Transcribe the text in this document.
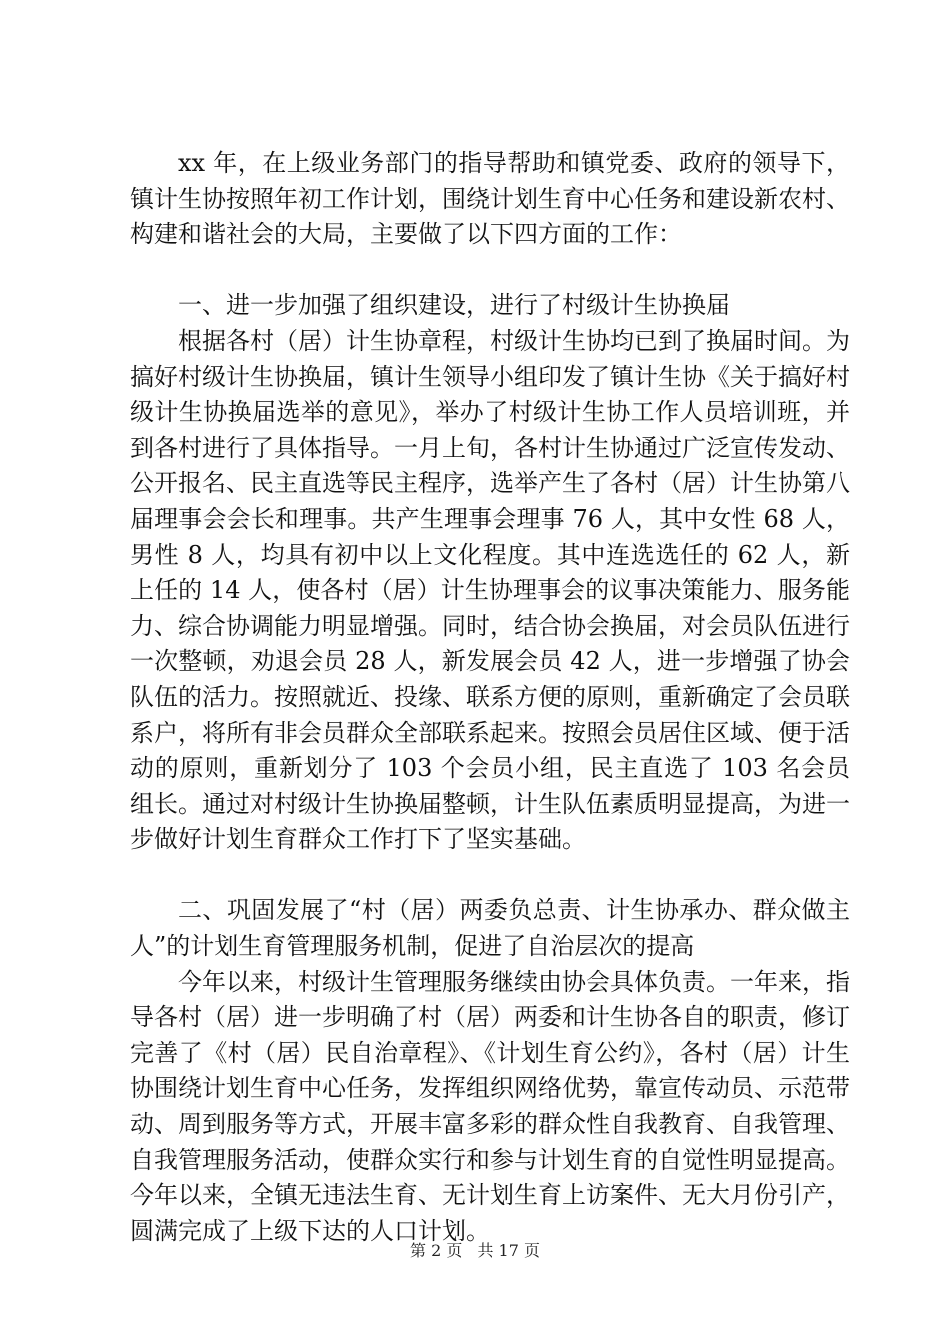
xx 年，在上级业务部门的指导帮助和镇党委、政府的领导下，镇计生协按照年初工作计划，围绕计划生育中心任务和建设新农村、构建和谐社会的大局，主要做了以下四方面的工作：

一、进一步加强了组织建设，进行了村级计生协换届

根据各村（居）计生协章程，村级计生协均已到了换届时间。为搞好村级计生协换届，镇计生领导小组印发了镇计生协《关于搞好村级计生协换届选举的意见》，举办了村级计生协工作人员培训班，并到各村进行了具体指导。一月上旬，各村计生协通过广泛宣传发动、公开报名、民主直选等民主程序，选举产生了各村（居）计生协第八届理事会会长和理事。共产生理事会理事 76 人，其中女性 68 人，男性 8 人，均具有初中以上文化程度。其中连选选任的 62 人，新上任的 14 人，使各村（居）计生协理事会的议事决策能力、服务能力、综合协调能力明显增强。同时，结合协会换届，对会员队伍进行一次整顿，劝退会员 28 人，新发展会员 42 人，进一步增强了协会队伍的活力。按照就近、投缘、联系方便的原则，重新确定了会员联系户，将所有非会员群众全部联系起来。按照会员居住区域、便于活动的原则，重新划分了 103 个会员小组，民主直选了 103 名会员组长。通过对村级计生协换届整顿，计生队伍素质明显提高，为进一步做好计划生育群众工作打下了坚实基础。

二、巩固发展了“村（居）两委负总责、计生协承办、群众做主人”的计划生育管理服务机制，促进了自治层次的提高

今年以来，村级计生管理服务继续由协会具体负责。一年来，指导各村（居）进一步明确了村（居）两委和计生协各自的职责，修订完善了《村（居）民自治章程》、《计划生育公约》，各村（居）计生协围绕计划生育中心任务，发挥组织网络优势，靠宣传动员、示范带动、周到服务等方式，开展丰富多彩的群众性自我教育、自我管理、自我管理服务活动，使群众实行和参与计划生育的自觉性明显提高。今年以来，全镇无违法生育、无计划生育上访案件、无大月份引产，圆满完成了上级下达的人口计划。

第 2 页 共 17 页
